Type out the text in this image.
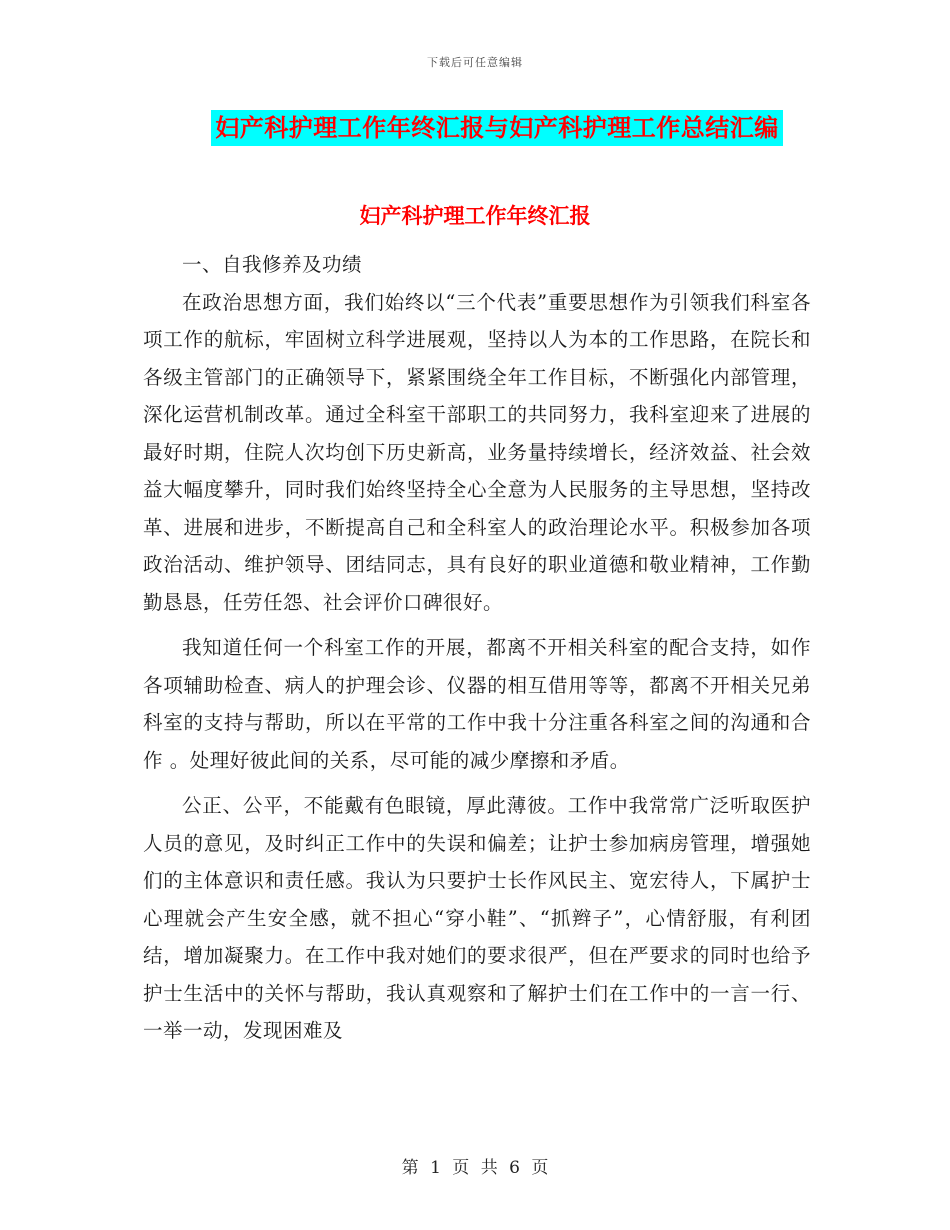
下载后可任意编辑
妇产科护理工作年终汇报与妇产科护理工作总结汇编
妇产科护理工作年终汇报

一、自我修养及功绩

在政治思想方面，我们始终以“三个代表”重要思想作为引领我们科室各项工作的航标，牢固树立科学进展观，坚持以人为本的工作思路，在院长和各级主管部门的正确领导下，紧紧围绕全年工作目标，不断强化内部管理，深化运营机制改革。通过全科室干部职工的共同努力，我科室迎来了进展的最好时期，住院人次均创下历史新高，业务量持续增长，经济效益、社会效益大幅度攀升，同时我们始终坚持全心全意为人民服务的主导思想，坚持改革、进展和进步，不断提高自己和全科室人的政治理论水平。积极参加各项政治活动、维护领导、团结同志，具有良好的职业道德和敬业精神，工作勤勤恳恳，任劳任怨、社会评价口碑很好。

我知道任何一个科室工作的开展，都离不开相关科室的配合支持，如作各项辅助检查、病人的护理会诊、仪器的相互借用等等，都离不开相关兄弟科室的支持与帮助，所以在平常的工作中我十分注重各科室之间的沟通和合作 。处理好彼此间的关系，尽可能的减少摩擦和矛盾。

公正、公平，不能戴有色眼镜，厚此薄彼。工作中我常常广泛听取医护人员的意见，及时纠正工作中的失误和偏差；让护士参加病房管理，增强她们的主体意识和责任感。我认为只要护士长作风民主、宽宏待人，下属护士心理就会产生安全感，就不担心“穿小鞋”、“抓辫子”，心情舒服，有利团结，增加凝聚力。在工作中我对她们的要求很严，但在严要求的同时也给予护士生活中的关怀与帮助，我认真观察和了解护士们在工作中的一言一行、一举一动，发现困难及

第 1 页 共 6 页
